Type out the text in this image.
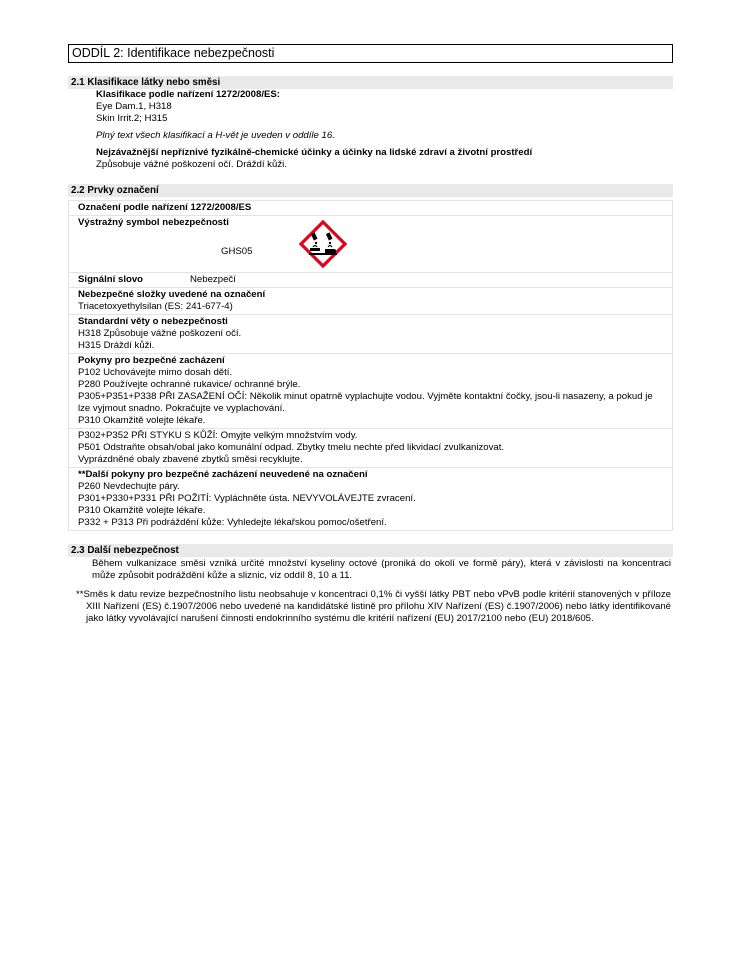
ODDÍL 2: Identifikace nebezpečnosti
2.1 Klasifikace látky nebo směsi
Klasifikace podle nařízení 1272/2008/ES:
Eye Dam.1, H318
Skin Irrit.2; H315
Plný text všech klasifikací a H-vět je uveden v oddíle 16.
Nejzávažnější nepříznivé fyzikálně-chemické účinky a účinky na lidské zdraví a životní prostředí
Způsobuje vážné poškození očí. Dráždí kůži.
2.2 Prvky označení
Označení podle nařízení 1272/2008/ES
Výstražný symbol nebezpečnosti
GHS05
Signální slovo	Nebezpečí
Nebezpečné složky uvedené na označení
Triacetoxyethylsilan (ES: 241-677-4)
Standardní věty o nebezpečnosti
H318 Způsobuje vážné poškození očí.
H315 Dráždí kůži.
Pokyny pro bezpečné zacházení
P102 Uchovávejte mimo dosah dětí.
P280 Používejte ochranné rukavice/ ochranné brýle.
P305+P351+P338 PŘI ZASAŽENÍ OČÍ: Několik minut opatrně vyplachujte vodou. Vyjměte kontaktní čočky, jsou-li nasazeny, a pokud je lze vyjmout snadno. Pokračujte ve vyplachování.
P310 Okamžitě volejte lékaře.
P302+P352 PŘI STYKU S KŮŽÍ: Omyjte velkým množstvím vody.
P501 Odstraňte obsah/obal jako komunální odpad. Zbytky tmelu nechte před likvidací zvulkanizovat.
Vyprázdněné obaly zbavené zbytků směsi recyklujte.
**Další pokyny pro bezpečné zacházení neuvedené na označení
P260 Nevdechujte páry.
P301+P330+P331 PŘI POŽITÍ: Vypláchněte ústa. NEVYVOLÁVEJTE zvracení.
P310 Okamžitě volejte lékaře.
P332 + P313 Při podráždění kůže: Vyhledejte lékařskou pomoc/ošetření.
2.3 Další nebezpečnost
Během vulkanizace směsi vzniká určité množství kyseliny octové (proniká do okolí ve formě páry), která v závislosti na koncentraci může způsobit podráždění kůže a sliznic, viz oddíl 8, 10 a 11.
**Směs k datu revize bezpečnostního listu neobsahuje v koncentraci 0,1% či vyšší látky PBT nebo vPvB podle kritérií stanovených v příloze XIII Nařízení (ES) č.1907/2006 nebo uvedené na kandidátské listině pro přílohu XIV Nařízení (ES) č.1907/2006) nebo látky identifikované jako látky vyvolávající narušení činnosti endokrinního systému dle kritérií nařízení (EU) 2017/2100 nebo (EU) 2018/605.
